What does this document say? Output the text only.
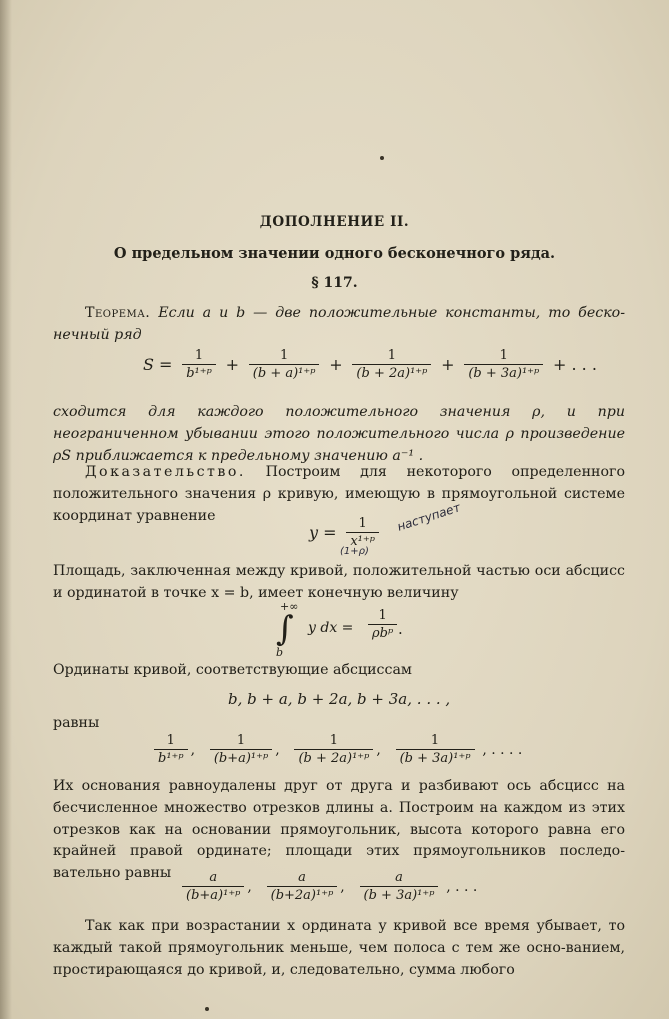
ДОПОЛНЕНИЕ II.
О предельном значении одного бесконечного ряда.
§ 117.
Теорема. Если a и b — две положительные константы, то беско-нечный ряд
$S = \frac{1}{\text{b¹⁺ᵖ}} + \frac{1}{\text{(b + a)¹⁺ᵖ}} + \frac{1}{\text{(b + 2a)¹⁺ᵖ}} + \frac{1}{\text{(b + 3a)¹⁺ᵖ}}$ + . . .
сходится для каждого положительного значения ρ, и при неограниченном убывании этого положительного числа ρ произведение ρS приближается к предельному значению a⁻¹ .
Доказательство. Построим для некоторого определенного положительного значения ρ кривую, имеющую в прямоугольной системе координат уравнение
$y = \frac{1}{\text{x¹⁺ᵖ}}$ наступает
(1+ρ)
Площадь, заключенная между кривой, положительной частью оси абсцисс и ординатой в точке x = b, имеет конечную величину
+∞
∫
b
y dx =
1
ρbᵖ .
Ординаты кривой, соответствующие абсциссам
b, b + a, b + 2a, b + 3a, . . . ,
равны
$\frac{1}{\text{b¹⁺ᵖ}}$ , $\frac{1}{\text{(b+a)¹⁺ᵖ}}$ , $\frac{1}{\text{(b + 2a)¹⁺ᵖ}}$ , $\frac{1}{\text{(b + 3a)¹⁺ᵖ}}$ , . . . .
Их основания равноудалены друг от друга и разбивают ось абсцисс на бесчисленное множество отрезков длины a. Построим на каждом из этих отрезков как на основании прямоугольник, высота которого равна его крайней правой ординате; площади этих прямоугольников последо-вательно равны $\frac{a}{\text{(b+a)¹⁺ᵖ}}$ , $\frac{a}{\text{(b+2a)¹⁺ᵖ}}$ , $\frac{a}{\text{(b + 3a)¹⁺ᵖ}}$ , . . .
Так как при возрастании x ордината y кривой все время убывает, то каждый такой прямоугольник меньше, чем полоса с тем же осно-ванием, простирающаяся до кривой, и, следовательно, сумма любого
